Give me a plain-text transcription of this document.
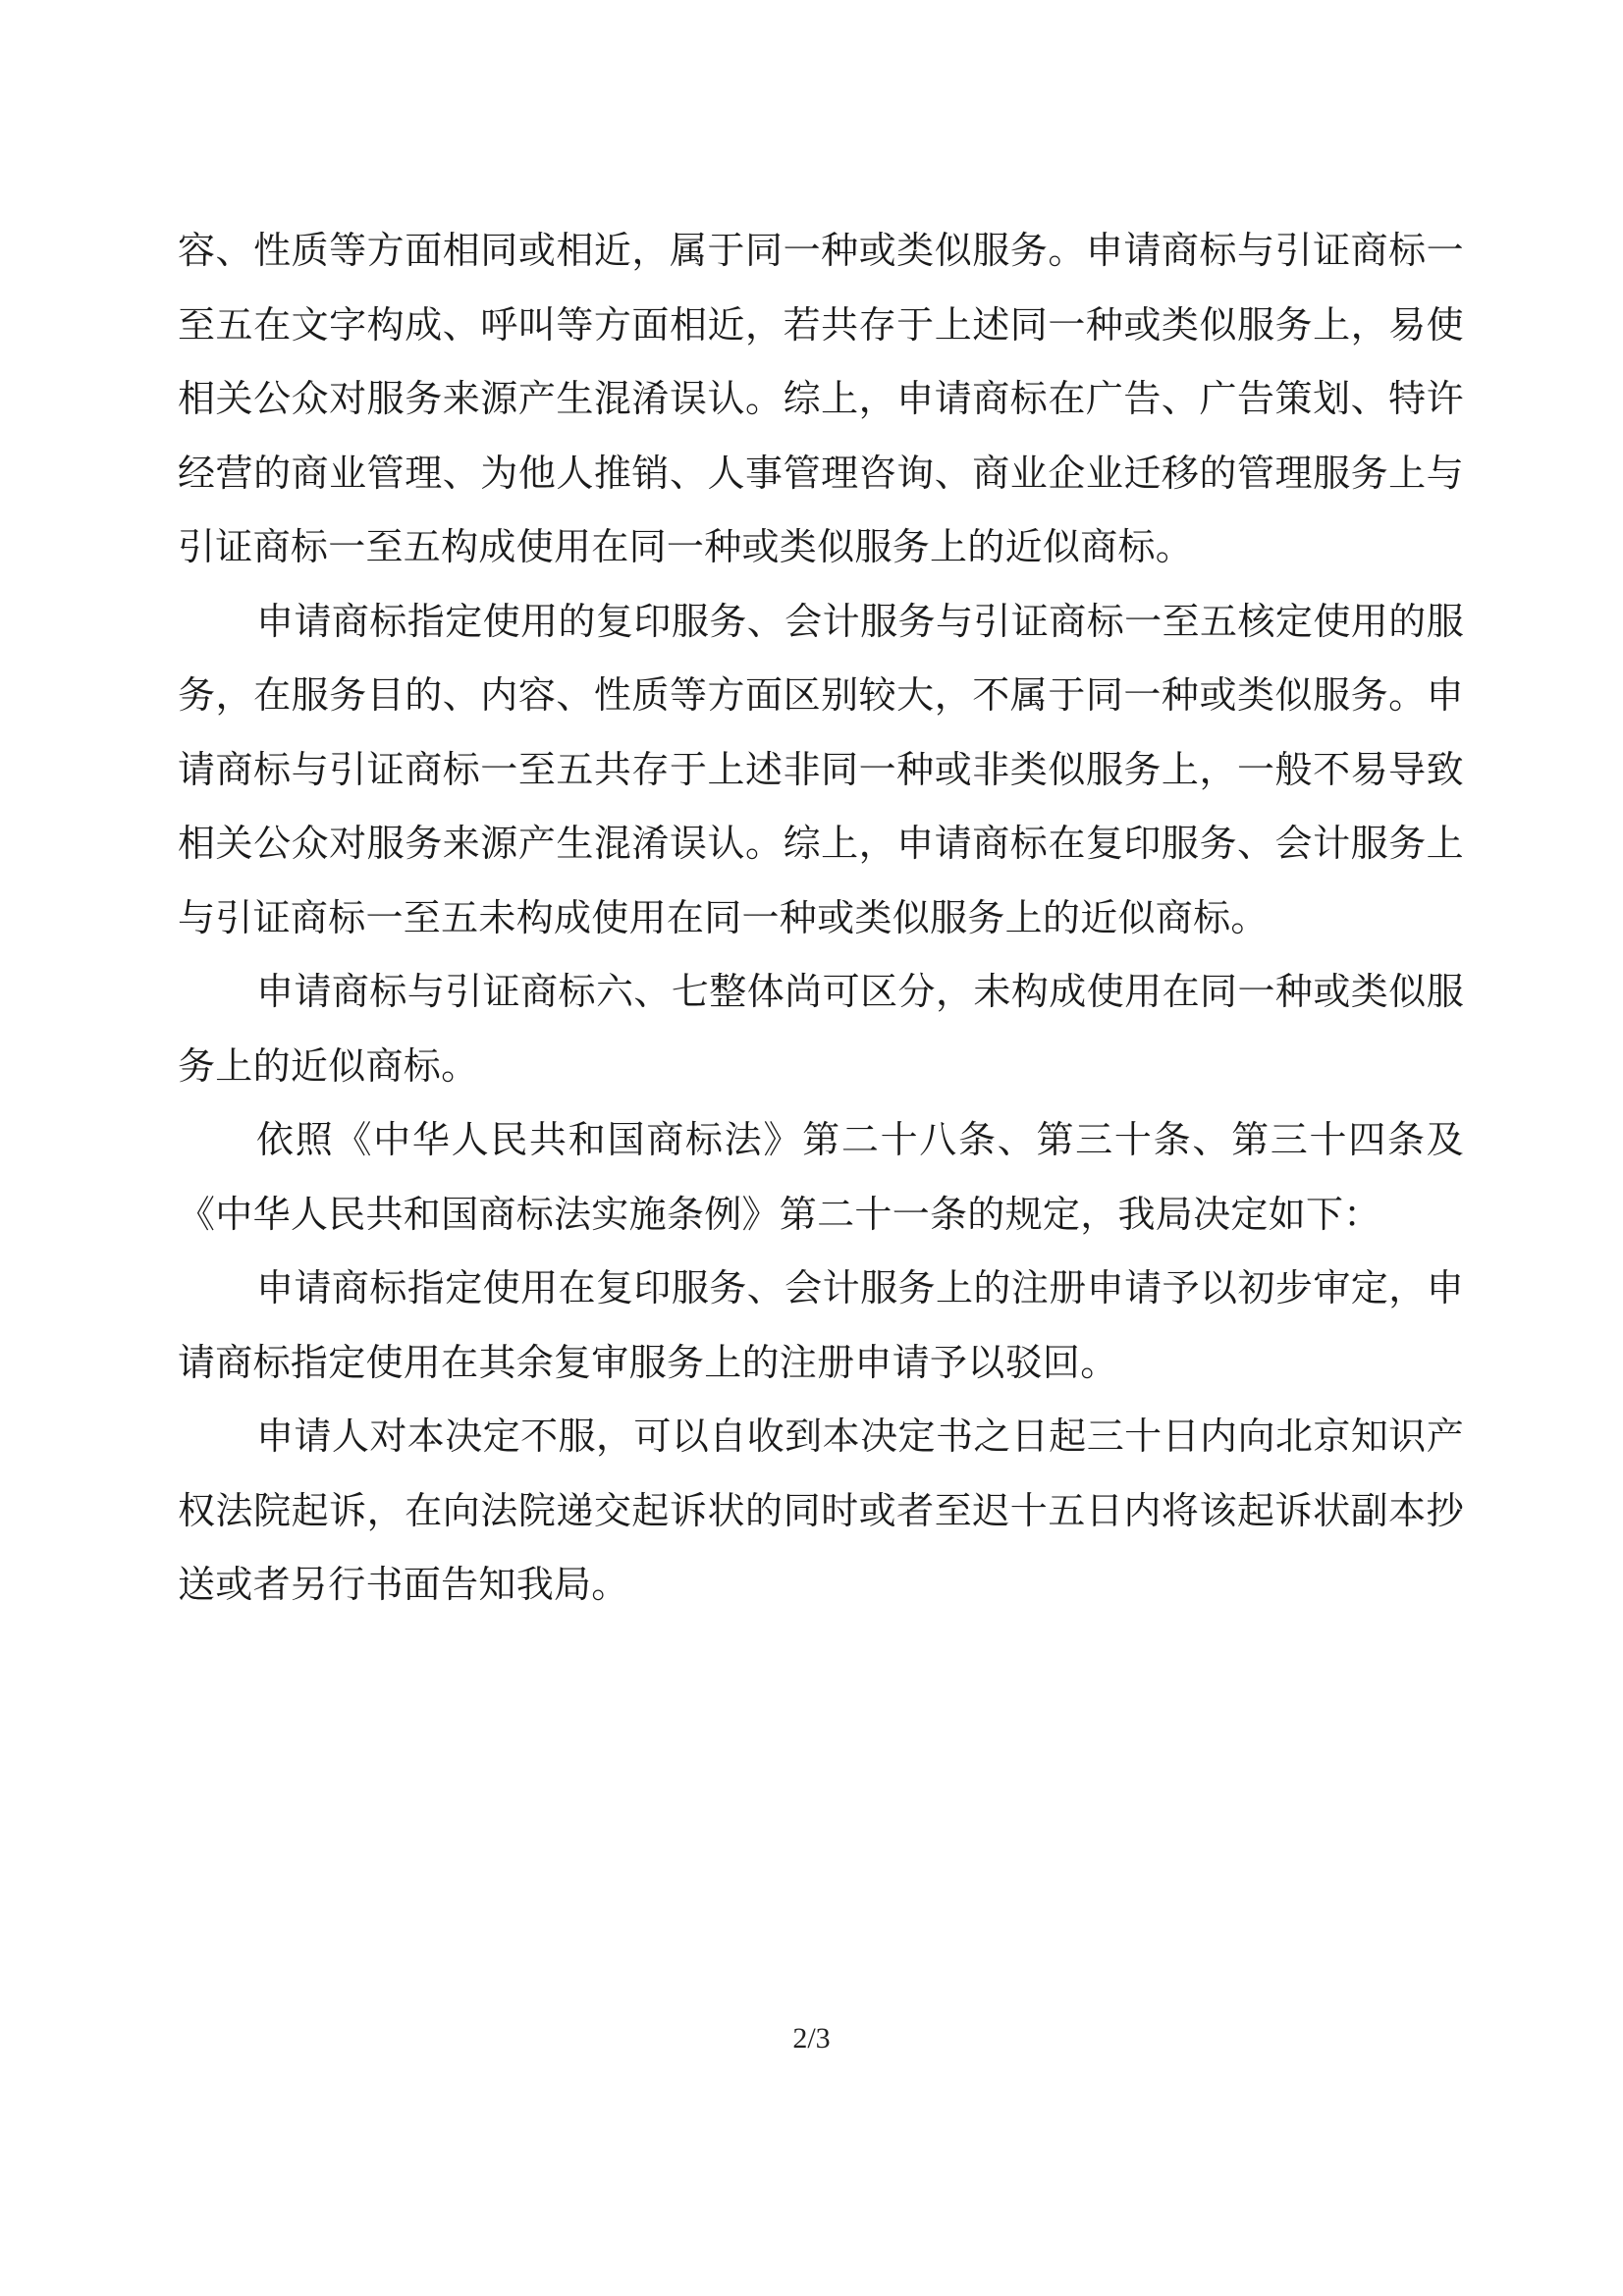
容、性质等方面相同或相近，属于同一种或类似服务。申请商标与引证商标一至五在文字构成、呼叫等方面相近，若共存于上述同一种或类似服务上，易使相关公众对服务来源产生混淆误认。综上，申请商标在广告、广告策划、特许经营的商业管理、为他人推销、人事管理咨询、商业企业迁移的管理服务上与引证商标一至五构成使用在同一种或类似服务上的近似商标。

申请商标指定使用的复印服务、会计服务与引证商标一至五核定使用的服务，在服务目的、内容、性质等方面区别较大，不属于同一种或类似服务。申请商标与引证商标一至五共存于上述非同一种或非类似服务上，一般不易导致相关公众对服务来源产生混淆误认。综上，申请商标在复印服务、会计服务上与引证商标一至五未构成使用在同一种或类似服务上的近似商标。

申请商标与引证商标六、七整体尚可区分，未构成使用在同一种或类似服务上的近似商标。

依照《中华人民共和国商标法》第二十八条、第三十条、第三十四条及《中华人民共和国商标法实施条例》第二十一条的规定，我局决定如下：

申请商标指定使用在复印服务、会计服务上的注册申请予以初步审定，申请商标指定使用在其余复审服务上的注册申请予以驳回。

申请人对本决定不服，可以自收到本决定书之日起三十日内向北京知识产权法院起诉，在向法院递交起诉状的同时或者至迟十五日内将该起诉状副本抄送或者另行书面告知我局。

2/3
